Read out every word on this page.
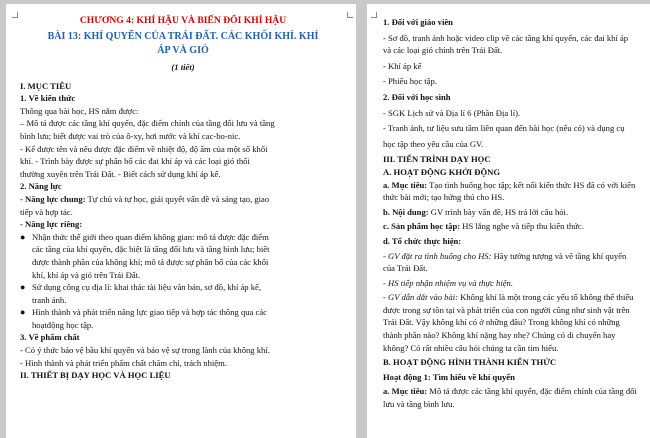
CHƯƠNG 4: KHÍ HẬU VÀ BIẾN ĐỔI KHÍ HẬU
BÀI 13: KHÍ QUYỂN CỦA TRÁI ĐẤT. CÁC KHỐI KHÍ. KHÍ
ÁP VÀ GIÓ
(1 tiết)
I. MỤC TIÊU
1. Về kiến thức
Thông qua bài học, HS nắm được:
– Mô tả được các tầng khí quyển, đặc điểm chính của tầng đối lưu và tầng
bình lưu; biết được vai trò của ô-xy, hơi nước và khí cac-bo-nic.
- Kể được tên và nêu được đặc điểm về nhiệt độ, độ ẩm của một số khối
khí. - Trình bày được sự phân bố các đai khí áp và các loại gió thổi
thường xuyên trên Trái Đất. - Biết cách sử dụng khí áp kế.
2. Năng lực
- Năng lực chung: Tự chủ và tự học, giải quyết vấn đề và sáng tạo, giao
tiếp và hợp tác.
- Năng lực riêng:
● Nhận thức thế giới theo quan điểm không gian: mô tả được đặc điểm
các tầng của khí quyển, đặc biệt là tầng đối lưu và tầng bình lưu; biết
được thành phần của không khí; mô tả được sự phân bố của các khối
khí, khí áp và gió trên Trái Đất.
● Sử dụng công cụ địa lí: khai thác tài liệu văn bản, sơ đồ, khí áp kế,
tranh ảnh.
● Hình thành và phát triển năng lực giao tiếp và hợp tác thông qua các
hoạtđộng học tập.
3. Về phẩm chất
- Có ý thức bảo vệ bầu khí quyển và bảo vệ sự trong lành của không khí.
- Hình thành và phát triển phẩm chất chăm chỉ, trách nhiệm.
II. THIẾT BỊ DẠY HỌC VÀ HỌC LIỆU
1. Đối với giáo viên
- Sơ đồ, tranh ảnh hoặc video clip về các tầng khí quyển, các đai khí áp
và các loại gió chính trên Trái Đất.
- Khí áp kế
- Phiếu học tập.
2. Đối với học sinh
- SGK Lịch sử và Địa lí 6 (Phần Địa lí).
- Tranh ảnh, tư liệu sưu tầm liên quan đến bài học (nếu có) và dụng cụ
học tập theo yêu cầu của GV.
III. TIẾN TRÌNH DẠY HỌC
A. HOẠT ĐỘNG KHỞI ĐỘNG
a. Mục tiêu: Tạo tình huống học tập; kết nối kiến thức HS đã có với kiến
thức bài mới; tạo hứng thú cho HS.
b. Nội dung: GV trình bày vấn đề, HS trả lời câu hỏi.
c. Sản phẩm học tập: HS lắng nghe và tiếp thu kiến thức.
d. Tổ chức thực hiện:
- GV đặt ra tình huống cho HS: Hãy tưởng tượng và vẽ tầng khí quyển
của Trái Đất.
- HS tiếp nhận nhiệm vụ và thực hiện.
- GV dẫn dắt vào bài: Không khí là một trong các yếu tố không thể thiếu
được trong sự tồn tại và phát triển của con người cũng như sinh vật trên
Trái Đất. Vậy không khí có ở những đâu? Trong không khí có những
thành phần nào? Không khí nặng hay nhẹ? Chúng có di chuyển hay
không? Có rất nhiều câu hỏi chúng ta cần tìm hiểu.
B. HOẠT ĐỘNG HÌNH THÀNH KIẾN THỨC
Hoạt động 1: Tìm hiểu về khí quyển
a. Mục tiêu: Mô tả được các tầng khí quyển, đặc điểm chính của tầng đối
lưu và tầng bình lưu.
